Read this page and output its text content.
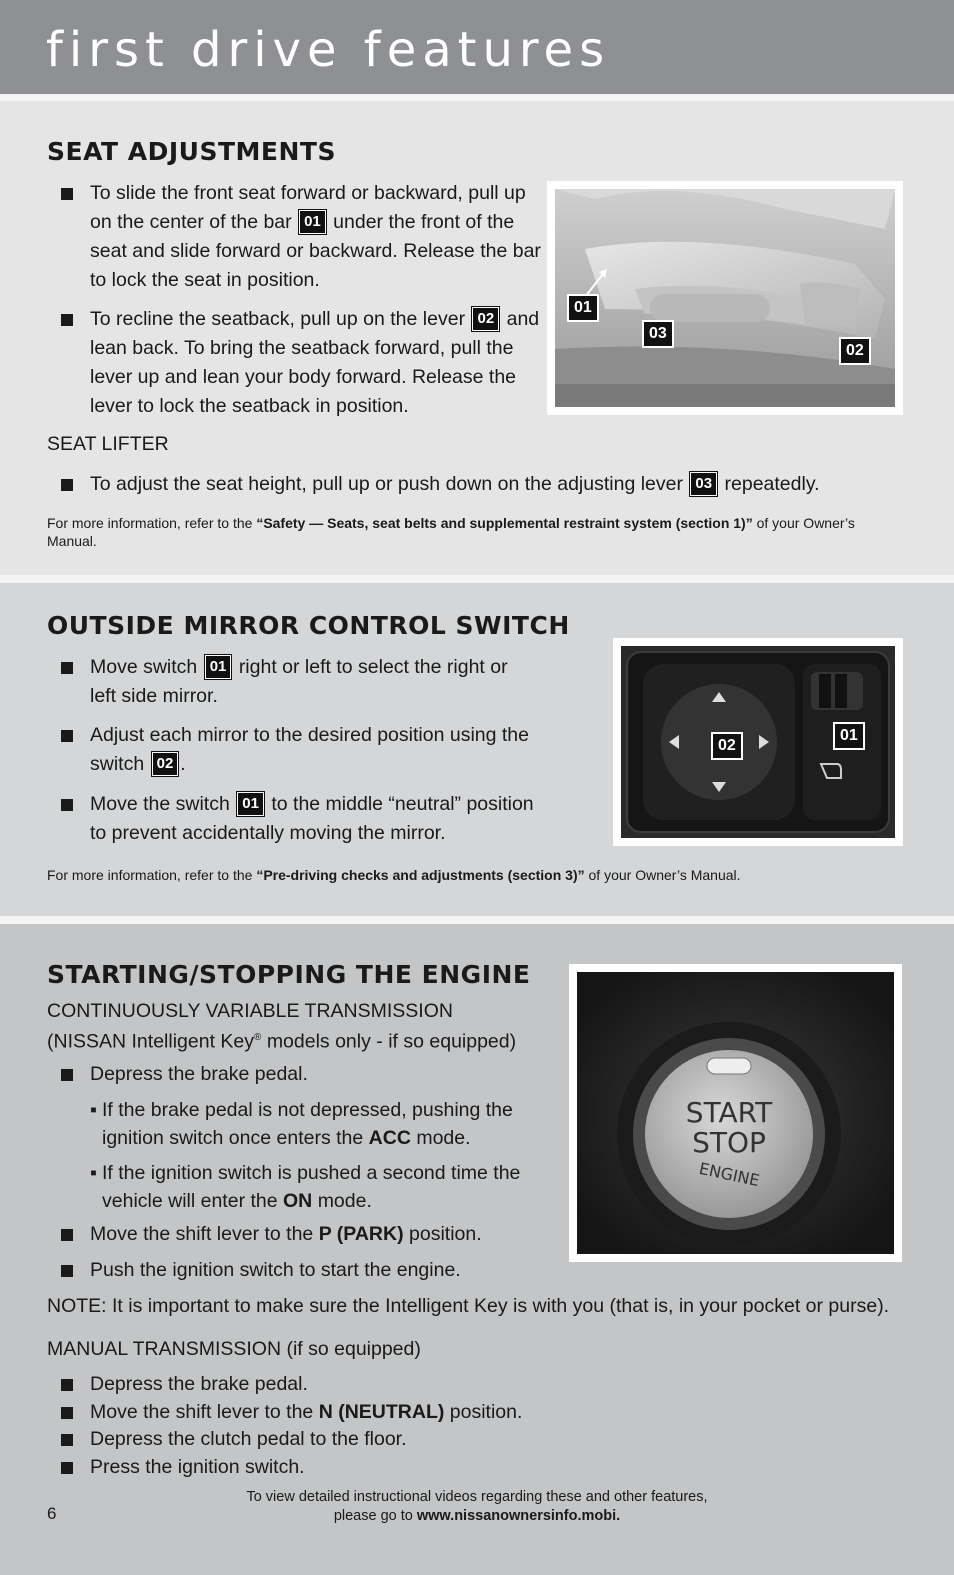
first drive features
SEAT ADJUSTMENTS
To slide the front seat forward or backward, pull up on the center of the bar 01 under the front of the seat and slide forward or backward. Release the bar to lock the seat in position.
To recline the seatback, pull up on the lever 02 and lean back. To bring the seatback forward, pull the lever up and lean your body forward. Release the lever to lock the seatback in position.
SEAT LIFTER
To adjust the seat height, pull up or push down on the adjusting lever 03 repeatedly.
For more information, refer to the “Safety — Seats, seat belts and supplemental restraint system (section 1)” of your Owner’s Manual.
01
03
02
OUTSIDE MIRROR CONTROL SWITCH
Move switch 01 right or left to select the right or left side mirror.
Adjust each mirror to the desired position using the switch 02 .
Move the switch 01 to the middle “neutral” position to prevent accidentally moving the mirror.
For more information, refer to the “Pre-driving checks and adjustments (section 3)” of your Owner’s Manual.
02
01
STARTING/STOPPING THE ENGINE
CONTINUOUSLY VARIABLE TRANSMISSION
(NISSAN Intelligent Key® models only - if so equipped)
Depress the brake pedal.
▪ If the brake pedal is not depressed, pushing the ignition switch once enters the ACC mode.
▪ If the ignition switch is pushed a second time the vehicle will enter the ON mode.
Move the shift lever to the P (PARK) position.
Push the ignition switch to start the engine.
NOTE: It is important to make sure the Intelligent Key is with you (that is, in your pocket or purse).
MANUAL TRANSMISSION (if so equipped)
Depress the brake pedal.
Move the shift lever to the N (NEUTRAL) position.
Depress the clutch pedal to the floor.
Press the ignition switch.
START
STOP
ENGINE
6
To view detailed instructional videos regarding these and other features,
please go to www.nissanownersinfo.mobi.
